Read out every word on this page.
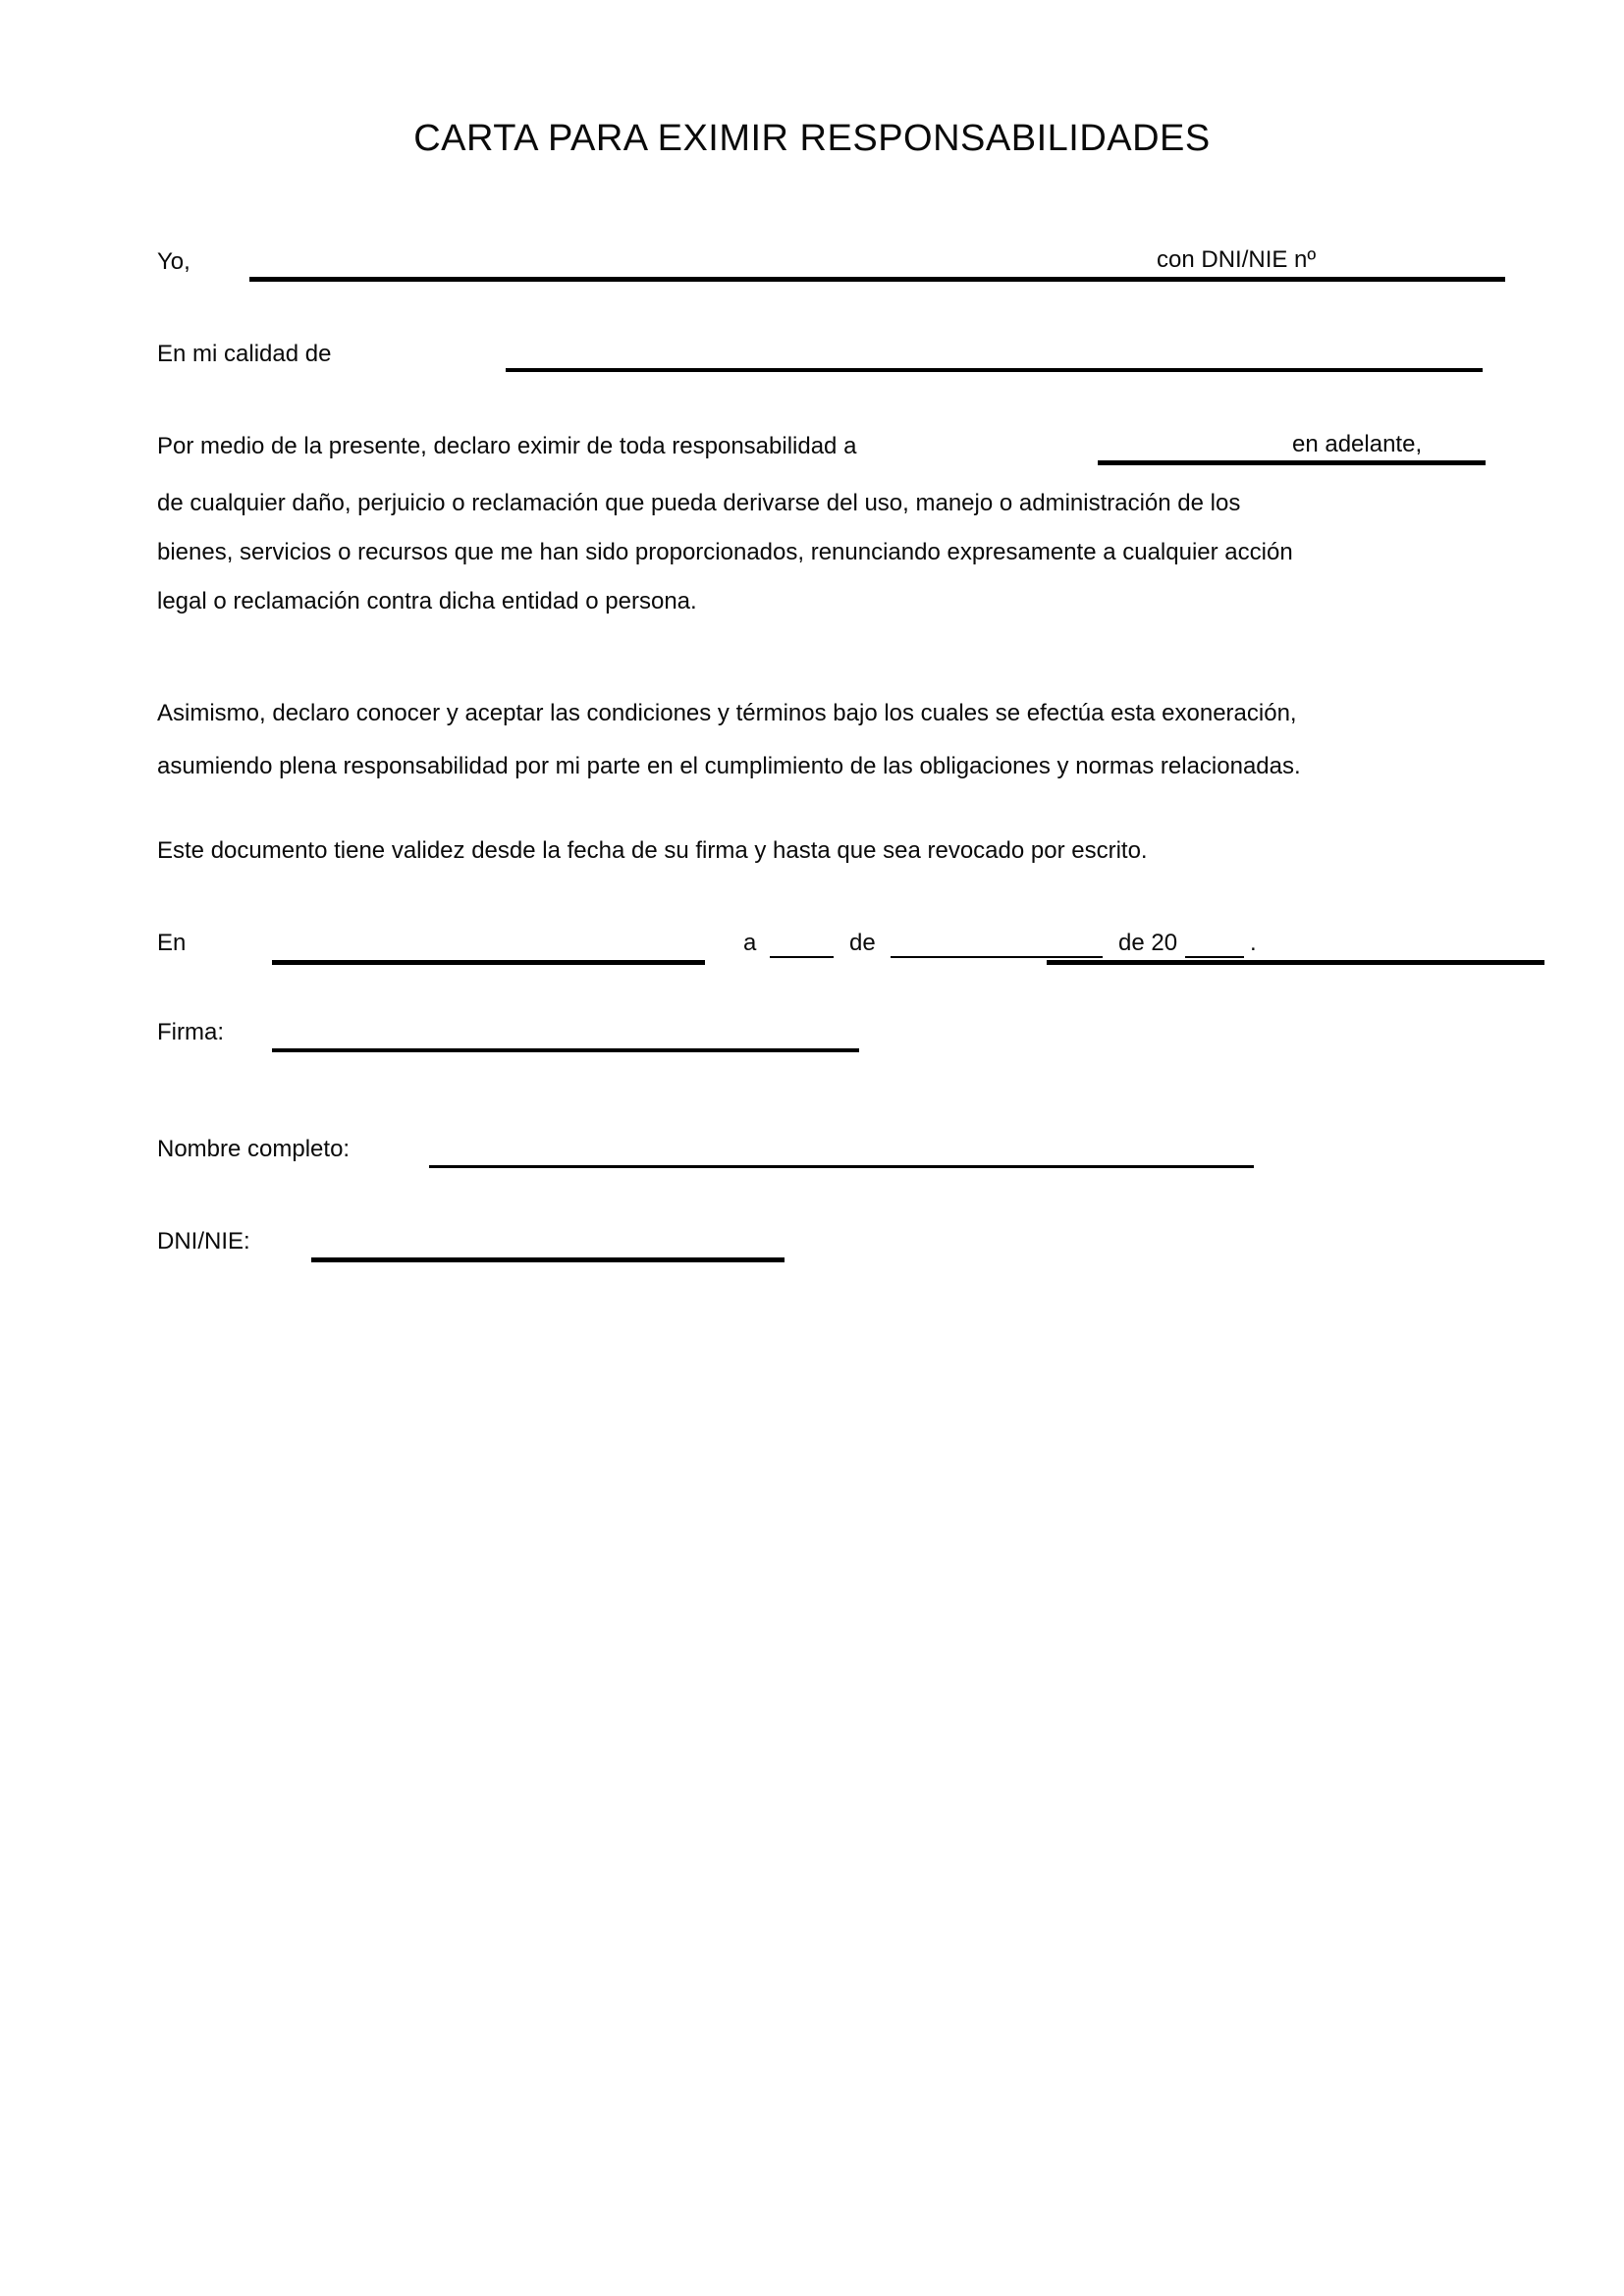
CARTA PARA EXIMIR RESPONSABILIDADES
Yo,	con DNI/NIE nº
En mi calidad de
Por medio de la presente, declaro eximir de toda responsabilidad a	en adelante,

de cualquier daño, perjuicio o reclamación que pueda derivarse del uso, manejo o administración de los
bienes, servicios o recursos que me han sido proporcionados, renunciando expresamente a cualquier acción
legal o reclamación contra dicha entidad o persona.

Asimismo, declaro conocer y aceptar las condiciones y términos bajo los cuales se efectúa esta exoneración,
asumiendo plena responsabilidad por mi parte en el cumplimiento de las obligaciones y normas relacionadas.

Este documento tiene validez desde la fecha de su firma y hasta que sea revocado por escrito.

En	a	de	de 20	.
Firma:
Nombre completo:
DNI/NIE:
